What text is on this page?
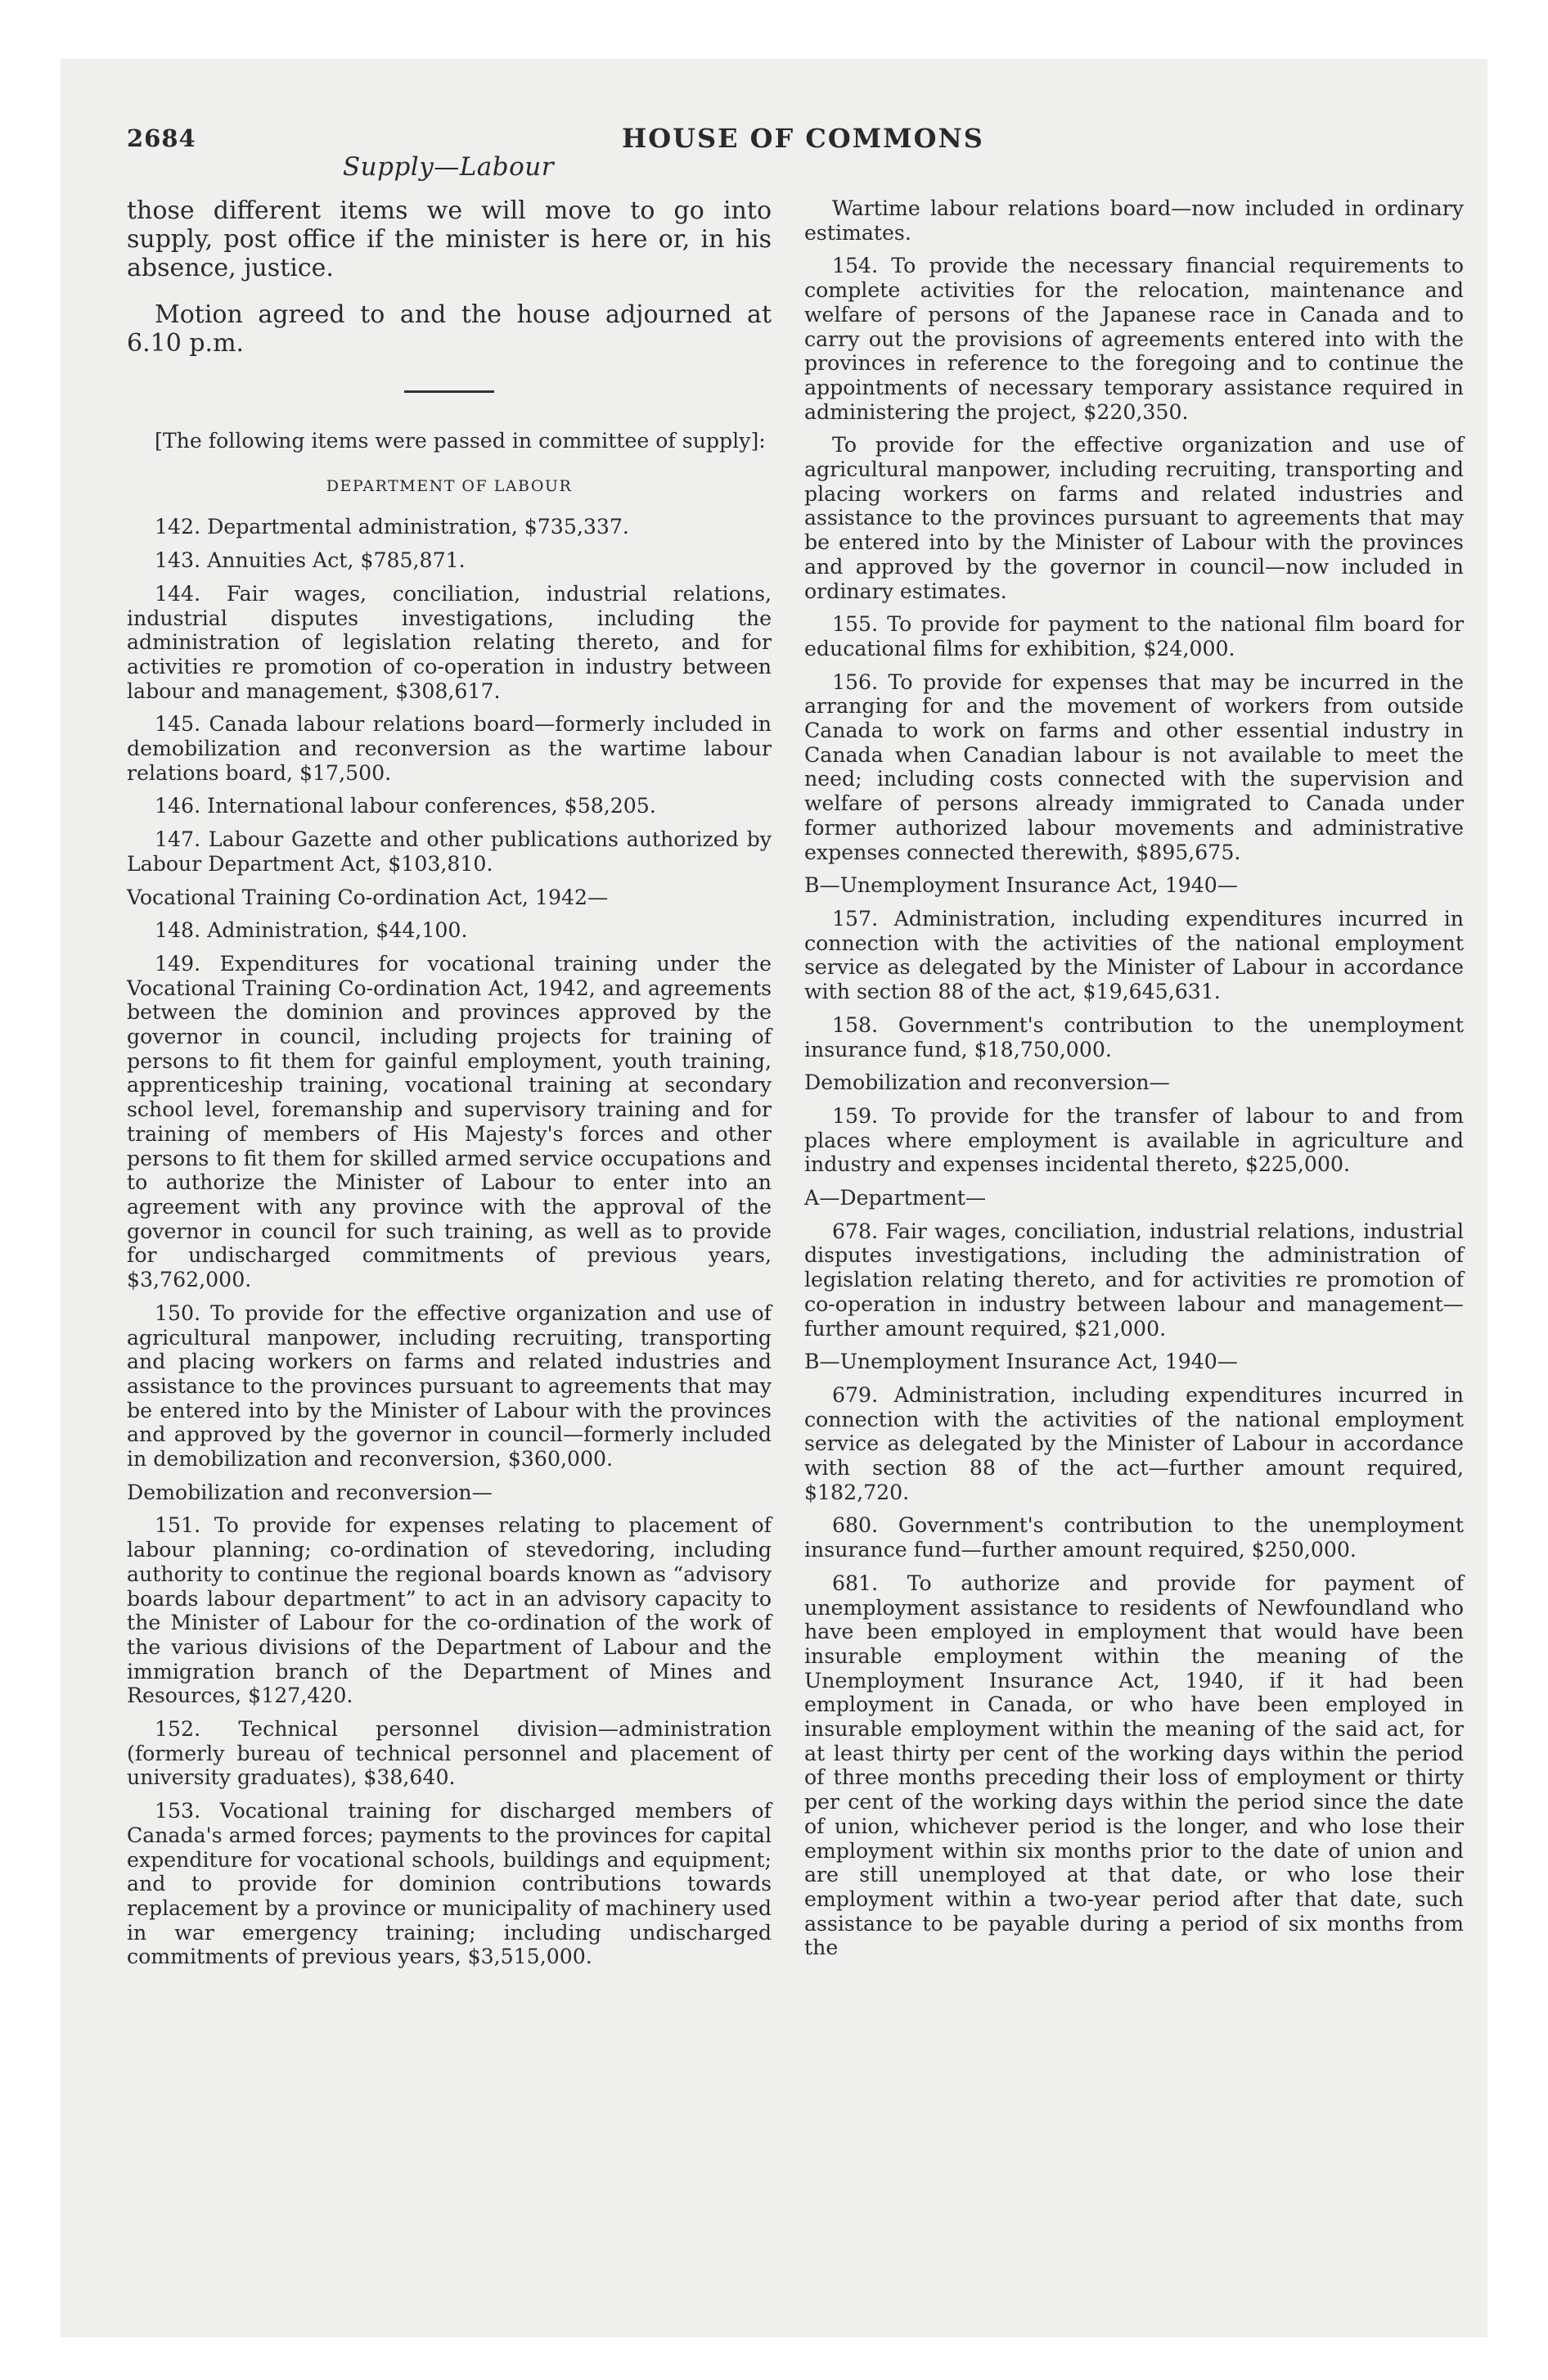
2684	HOUSE OF COMMONS
Supply—Labour

those different items we will move to go into supply, post office if the minister is here or, in his absence, justice.

Motion agreed to and the house adjourned at 6.10 p.m.

[The following items were passed in committee of supply]:

DEPARTMENT OF LABOUR

142. Departmental administration, $735,337.

143. Annuities Act, $785,871.

144. Fair wages, conciliation, industrial relations, industrial disputes investigations, including the administration of legislation relating thereto, and for activities re promotion of co-operation in industry between labour and management, $308,617.

145. Canada labour relations board—formerly included in demobilization and reconversion as the wartime labour relations board, $17,500.

146. International labour conferences, $58,205.

147. Labour Gazette and other publications authorized by Labour Department Act, $103,810.

Vocational Training Co-ordination Act, 1942—

148. Administration, $44,100.

149. Expenditures for vocational training under the Vocational Training Co-ordination Act, 1942, and agreements between the dominion and provinces approved by the governor in council, including projects for training of persons to fit them for gainful employment, youth training, apprenticeship training, vocational training at secondary school level, foremanship and supervisory training and for training of members of His Majesty's forces and other persons to fit them for skilled armed service occupations and to authorize the Minister of Labour to enter into an agreement with any province with the approval of the governor in council for such training, as well as to provide for undischarged commitments of previous years, $3,762,000.

150. To provide for the effective organization and use of agricultural manpower, including recruiting, transporting and placing workers on farms and related industries and assistance to the provinces pursuant to agreements that may be entered into by the Minister of Labour with the provinces and approved by the governor in council—formerly included in demobilization and reconversion, $360,000.

Demobilization and reconversion—

151. To provide for expenses relating to placement of labour planning; co-ordination of stevedoring, including authority to continue the regional boards known as “advisory boards labour department” to act in an advisory capacity to the Minister of Labour for the co-ordination of the work of the various divisions of the Department of Labour and the immigration branch of the Department of Mines and Resources, $127,420.

152. Technical personnel division—administration (formerly bureau of technical personnel and placement of university graduates), $38,640.

153. Vocational training for discharged members of Canada's armed forces; payments to the provinces for capital expenditure for vocational schools, buildings and equipment; and to provide for dominion contributions towards replacement by a province or municipality of machinery used in war emergency training; including undischarged commitments of previous years, $3,515,000.

Wartime labour relations board—now included in ordinary estimates.

154. To provide the necessary financial requirements to complete activities for the relocation, maintenance and welfare of persons of the Japanese race in Canada and to carry out the provisions of agreements entered into with the provinces in reference to the foregoing and to continue the appointments of necessary temporary assistance required in administering the project, $220,350.

To provide for the effective organization and use of agricultural manpower, including recruiting, transporting and placing workers on farms and related industries and assistance to the provinces pursuant to agreements that may be entered into by the Minister of Labour with the provinces and approved by the governor in council—now included in ordinary estimates.

155. To provide for payment to the national film board for educational films for exhibition, $24,000.

156. To provide for expenses that may be incurred in the arranging for and the movement of workers from outside Canada to work on farms and other essential industry in Canada when Canadian labour is not available to meet the need; including costs connected with the supervision and welfare of persons already immigrated to Canada under former authorized labour movements and administrative expenses connected therewith, $895,675.

B—Unemployment Insurance Act, 1940—

157. Administration, including expenditures incurred in connection with the activities of the national employment service as delegated by the Minister of Labour in accordance with section 88 of the act, $19,645,631.

158. Government's contribution to the unemployment insurance fund, $18,750,000.

Demobilization and reconversion—

159. To provide for the transfer of labour to and from places where employment is available in agriculture and industry and expenses incidental thereto, $225,000.

A—Department—

678. Fair wages, conciliation, industrial relations, industrial disputes investigations, including the administration of legislation relating thereto, and for activities re promotion of co-operation in industry between labour and management—further amount required, $21,000.

B—Unemployment Insurance Act, 1940—

679. Administration, including expenditures incurred in connection with the activities of the national employment service as delegated by the Minister of Labour in accordance with section 88 of the act—further amount required, $182,720.

680. Government's contribution to the unemployment insurance fund—further amount required, $250,000.

681. To authorize and provide for payment of unemployment assistance to residents of Newfoundland who have been employed in employment that would have been insurable employment within the meaning of the Unemployment Insurance Act, 1940, if it had been employment in Canada, or who have been employed in insurable employment within the meaning of the said act, for at least thirty per cent of the working days within the period of three months preceding their loss of employment or thirty per cent of the working days within the period since the date of union, whichever period is the longer, and who lose their employment within six months prior to the date of union and are still unemployed at that date, or who lose their employment within a two-year period after that date, such assistance to be payable during a period of six months from the
